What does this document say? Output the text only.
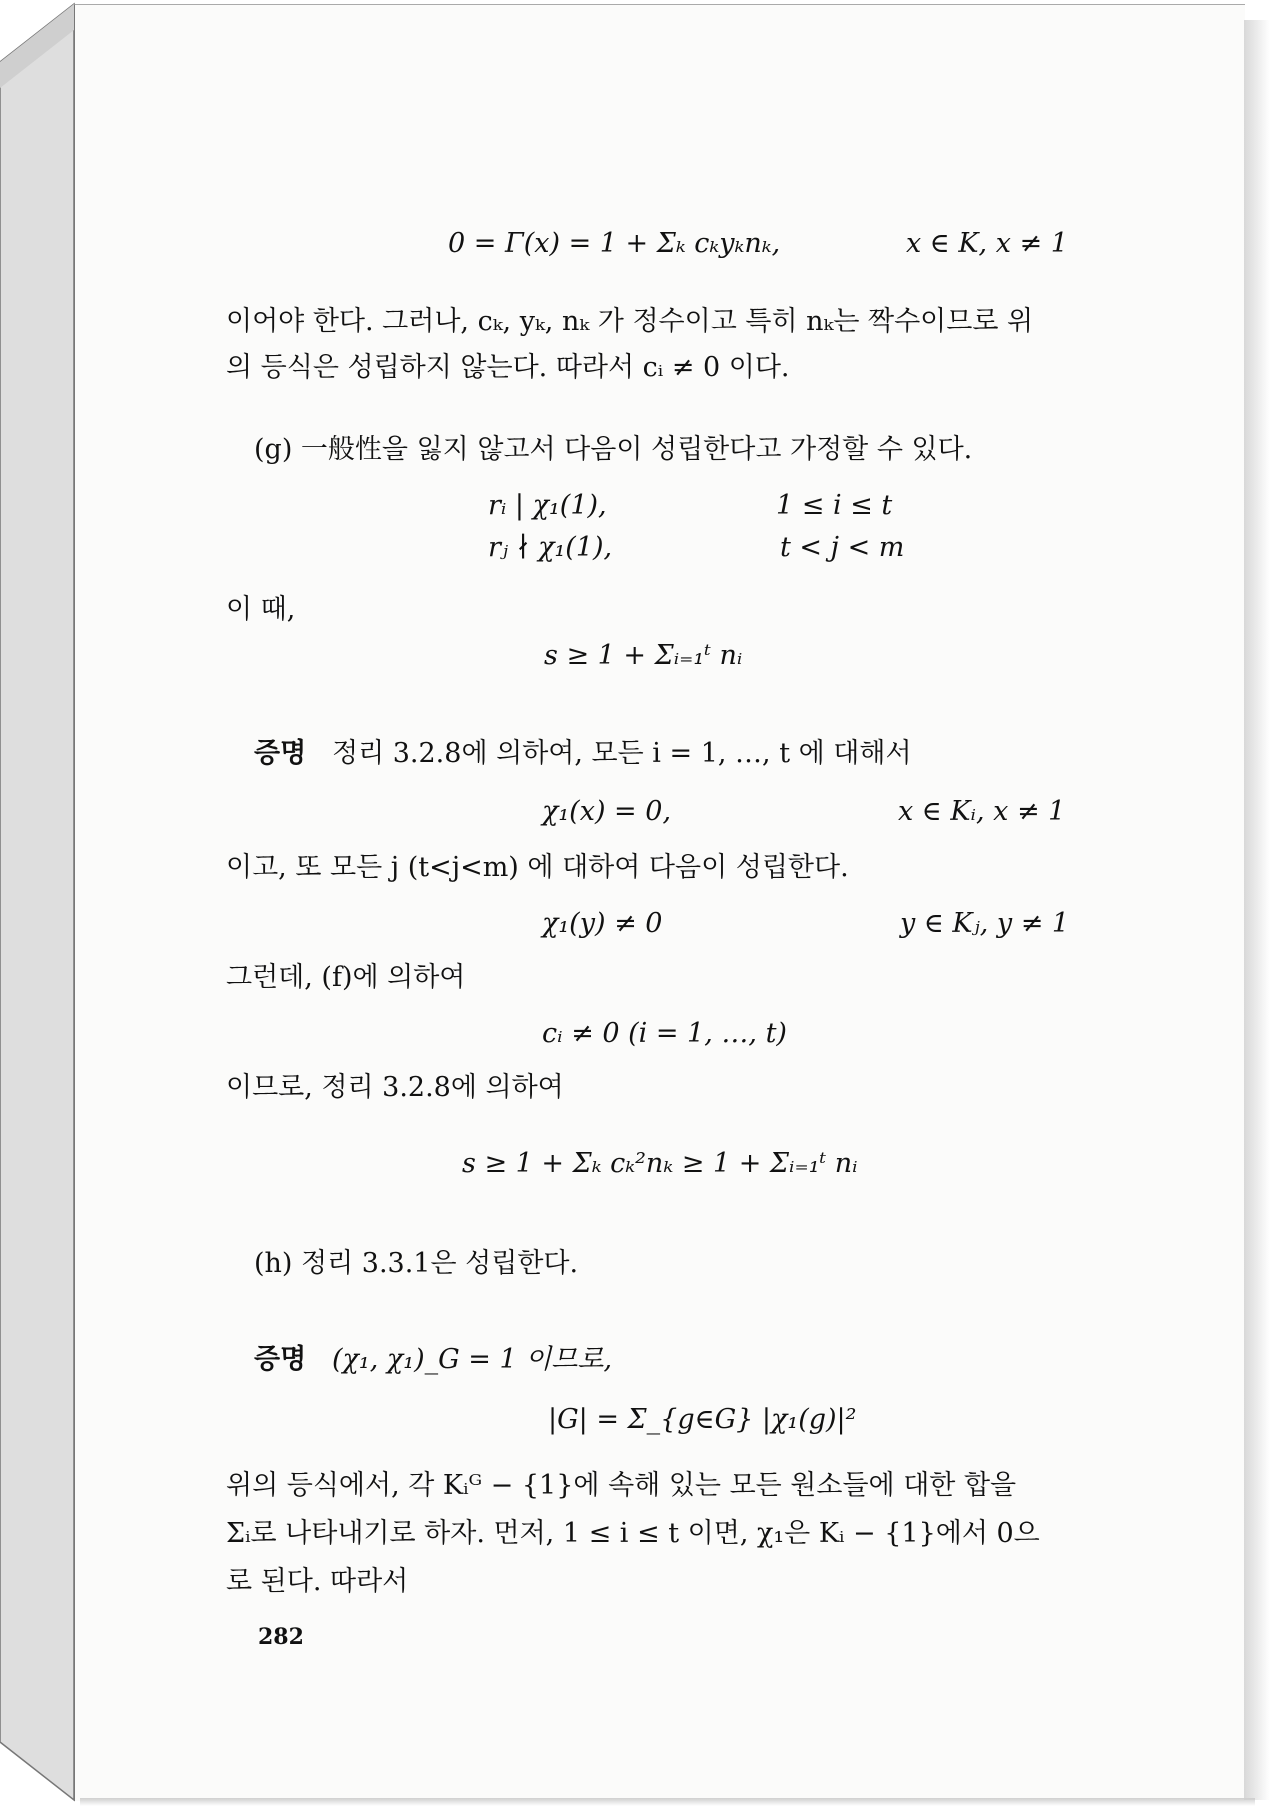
0 = Γ(x) = 1 + Σₖ cₖyₖnₖ,	x ∈ K, x ≠ 1
이어야 한다. 그러나, cₖ, yₖ, nₖ 가 정수이고 특히 nₖ는 짝수이므로 위
의 등식은 성립하지 않는다. 따라서 cᵢ ≠ 0 이다.
(g) 一般性을 잃지 않고서 다음이 성립한다고 가정할 수 있다.
rᵢ | χ₁(1),	1 ≤ i ≤ t
rⱼ ∤ χ₁(1),	t < j < m
이 때,
s ≥ 1 + Σᵢ₌₁ᵗ nᵢ
증명 정리 3.2.8에 의하여, 모든 i = 1, …, t 에 대해서
χ₁(x) = 0,	x ∈ Kᵢ, x ≠ 1
이고, 또 모든 j (t<j<m) 에 대하여 다음이 성립한다.
χ₁(y) ≠ 0	y ∈ Kⱼ, y ≠ 1
그런데, (f)에 의하여
cᵢ ≠ 0 (i = 1, …, t)
이므로, 정리 3.2.8에 의하여
s ≥ 1 + Σₖ cₖ²nₖ ≥ 1 + Σᵢ₌₁ᵗ nᵢ
(h) 정리 3.3.1은 성립한다.
증명 (χ₁, χ₁)_G = 1 이므로,
|G| = Σ_{g∈G} |χ₁(g)|²
위의 등식에서, 각 Kᵢᴳ − {1}에 속해 있는 모든 원소들에 대한 합을
Σᵢ로 나타내기로 하자. 먼저, 1 ≤ i ≤ t 이면, χ₁은 Kᵢ − {1}에서 0으
로 된다. 따라서
282
